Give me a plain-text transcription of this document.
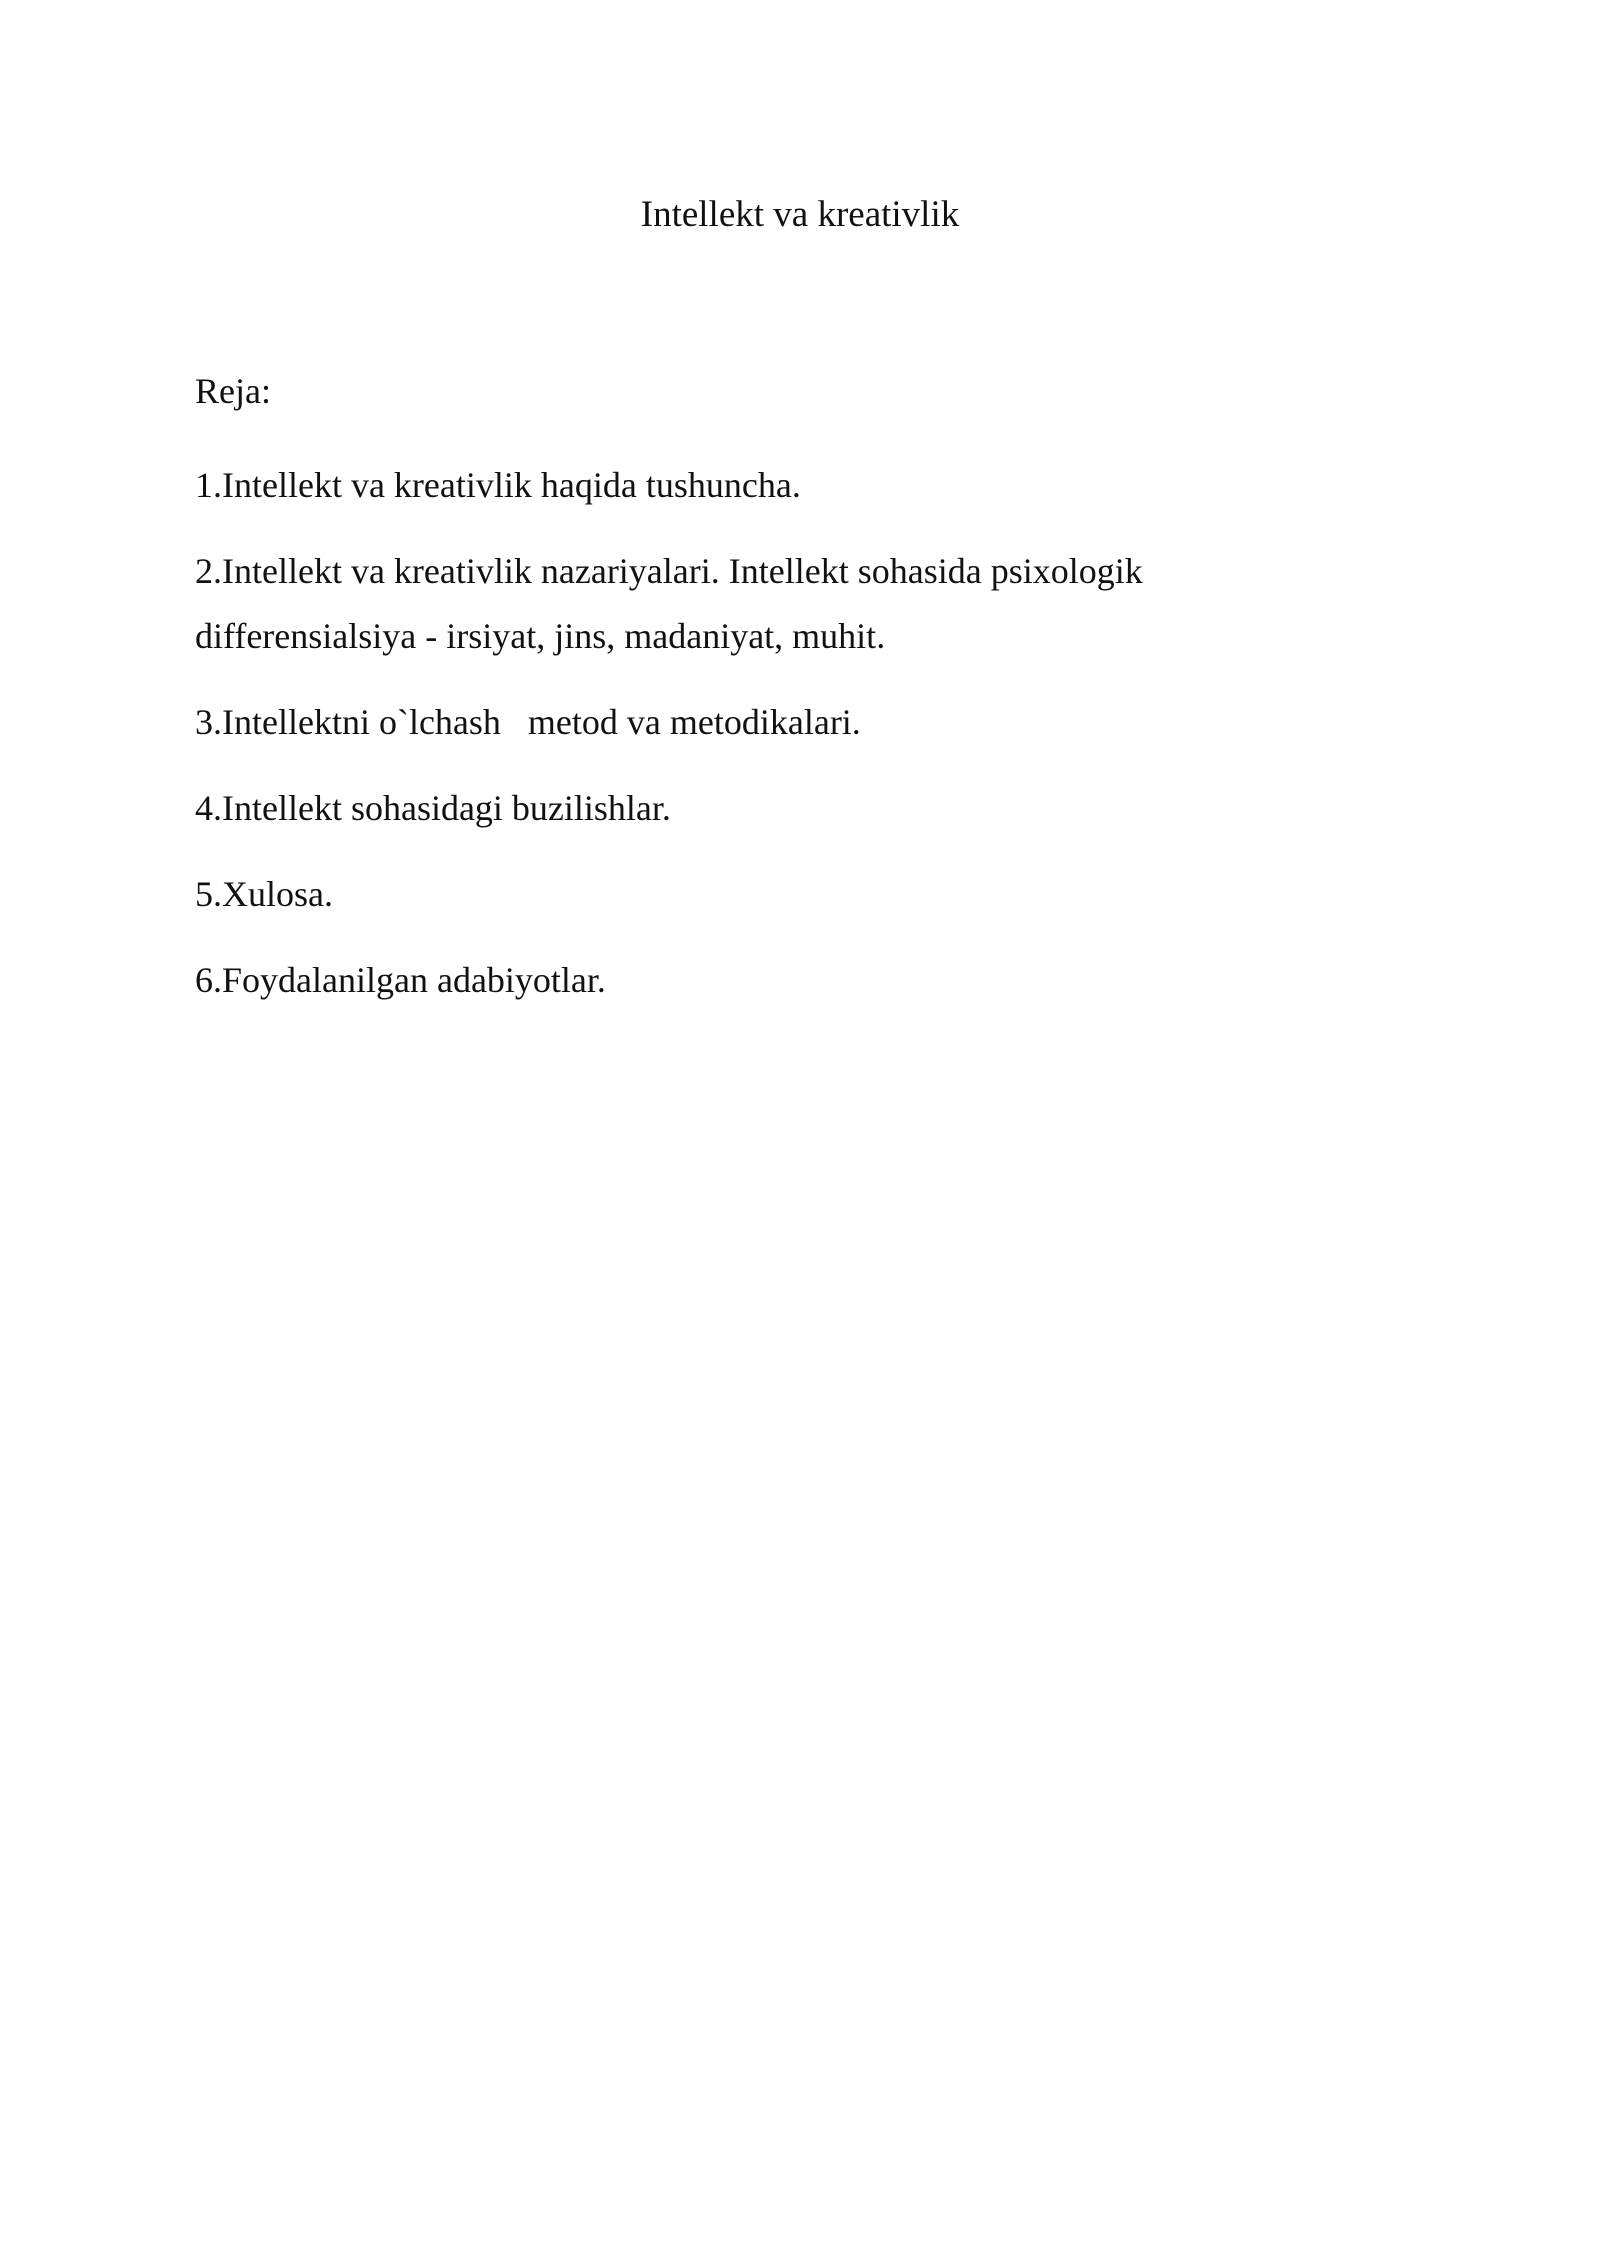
Intellekt va kreativlik

Reja:

1.Intellekt va kreativlik haqida tushuncha.
2.Intellekt va kreativlik nazariyalari. Intellekt sohasida psixologik differensialsiya - irsiyat, jins, madaniyat, muhit.
3.Intellektni o`lchash   metod va metodikalari.
4.Intellekt sohasidagi buzilishlar.
5.Xulosa.
6.Foydalanilgan adabiyotlar.
